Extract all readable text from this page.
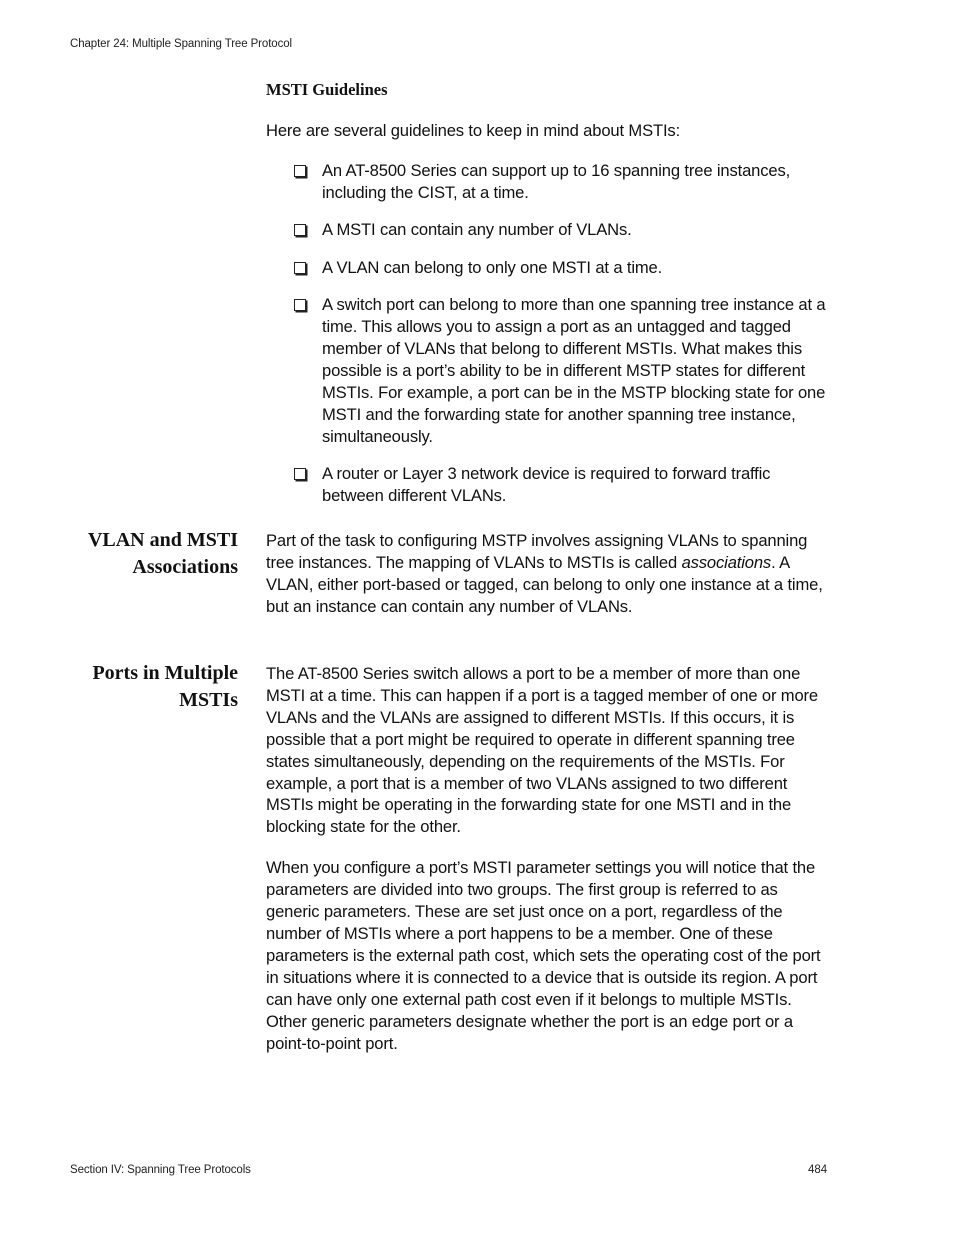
Chapter 24: Multiple Spanning Tree Protocol
MSTI Guidelines
Here are several guidelines to keep in mind about MSTIs:
An AT-8500 Series can support up to 16 spanning tree instances, including the CIST, at a time.
A MSTI can contain any number of VLANs.
A VLAN can belong to only one MSTI at a time.
A switch port can belong to more than one spanning tree instance at a time. This allows you to assign a port as an untagged and tagged member of VLANs that belong to different MSTIs. What makes this possible is a port’s ability to be in different MSTP states for different MSTIs. For example, a port can be in the MSTP blocking state for one MSTI and the forwarding state for another spanning tree instance, simultaneously.
A router or Layer 3 network device is required to forward traffic between different VLANs.
VLAN and MSTI
Associations

Part of the task to configuring MSTP involves assigning VLANs to spanning tree instances. The mapping of VLANs to MSTIs is called associations. A VLAN, either port-based or tagged, can belong to only one instance at a time, but an instance can contain any number of VLANs.

Ports in Multiple
MSTIs

The AT-8500 Series switch allows a port to be a member of more than one MSTI at a time. This can happen if a port is a tagged member of one or more VLANs and the VLANs are assigned to different MSTIs. If this occurs, it is possible that a port might be required to operate in different spanning tree states simultaneously, depending on the requirements of the MSTIs. For example, a port that is a member of two VLANs assigned to two different MSTIs might be operating in the forwarding state for one MSTI and in the blocking state for the other.

When you configure a port’s MSTI parameter settings you will notice that the parameters are divided into two groups. The first group is referred to as generic parameters. These are set just once on a port, regardless of the number of MSTIs where a port happens to be a member. One of these parameters is the external path cost, which sets the operating cost of the port in situations where it is connected to a device that is outside its region. A port can have only one external path cost even if it belongs to multiple MSTIs. Other generic parameters designate whether the port is an edge port or a point-to-point port.

Section IV: Spanning Tree Protocols	484
